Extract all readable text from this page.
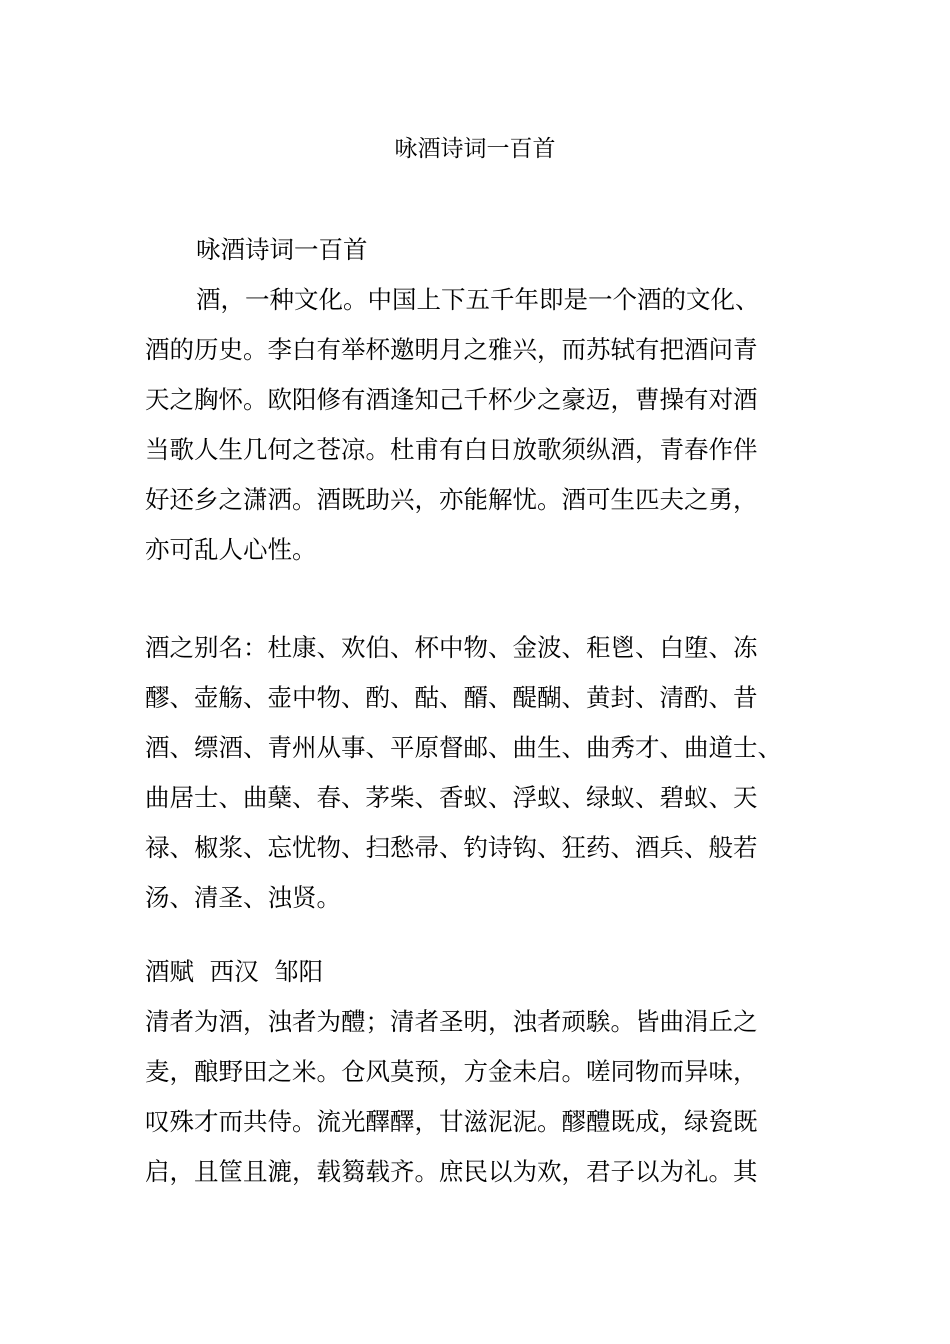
咏酒诗词一百首
咏酒诗词一百首
酒，一种文化。中国上下五千年即是一个酒的文化、
酒的历史。李白有举杯邀明月之雅兴，而苏轼有把酒问青
天之胸怀。欧阳修有酒逢知己千杯少之豪迈，曹操有对酒
当歌人生几何之苍凉。杜甫有白日放歌须纵酒，青春作伴
好还乡之潇洒。酒既助兴，亦能解忧。酒可生匹夫之勇，
亦可乱人心性。
酒之别名：杜康、欢伯、杯中物、金波、秬鬯、白堕、冻
醪、壶觞、壶中物、酌、酤、醑、醍醐、黄封、清酌、昔
酒、缥酒、青州从事、平原督邮、曲生、曲秀才、曲道士、
曲居士、曲蘖、春、茅柴、香蚁、浮蚁、绿蚁、碧蚁、天
禄、椒浆、忘忧物、扫愁帚、钓诗钩、狂药、酒兵、般若
汤、清圣、浊贤。
酒赋  西汉  邹阳
清者为酒，浊者为醴；清者圣明，浊者顽騃。皆曲涓丘之
麦，酿野田之米。仓风莫预，方金未启。嗟同物而异味，
叹殊才而共侍。流光醳醳，甘滋泥泥。醪醴既成，绿瓷既
启，且筐且漉，载篘载齐。庶民以为欢，君子以为礼。其
